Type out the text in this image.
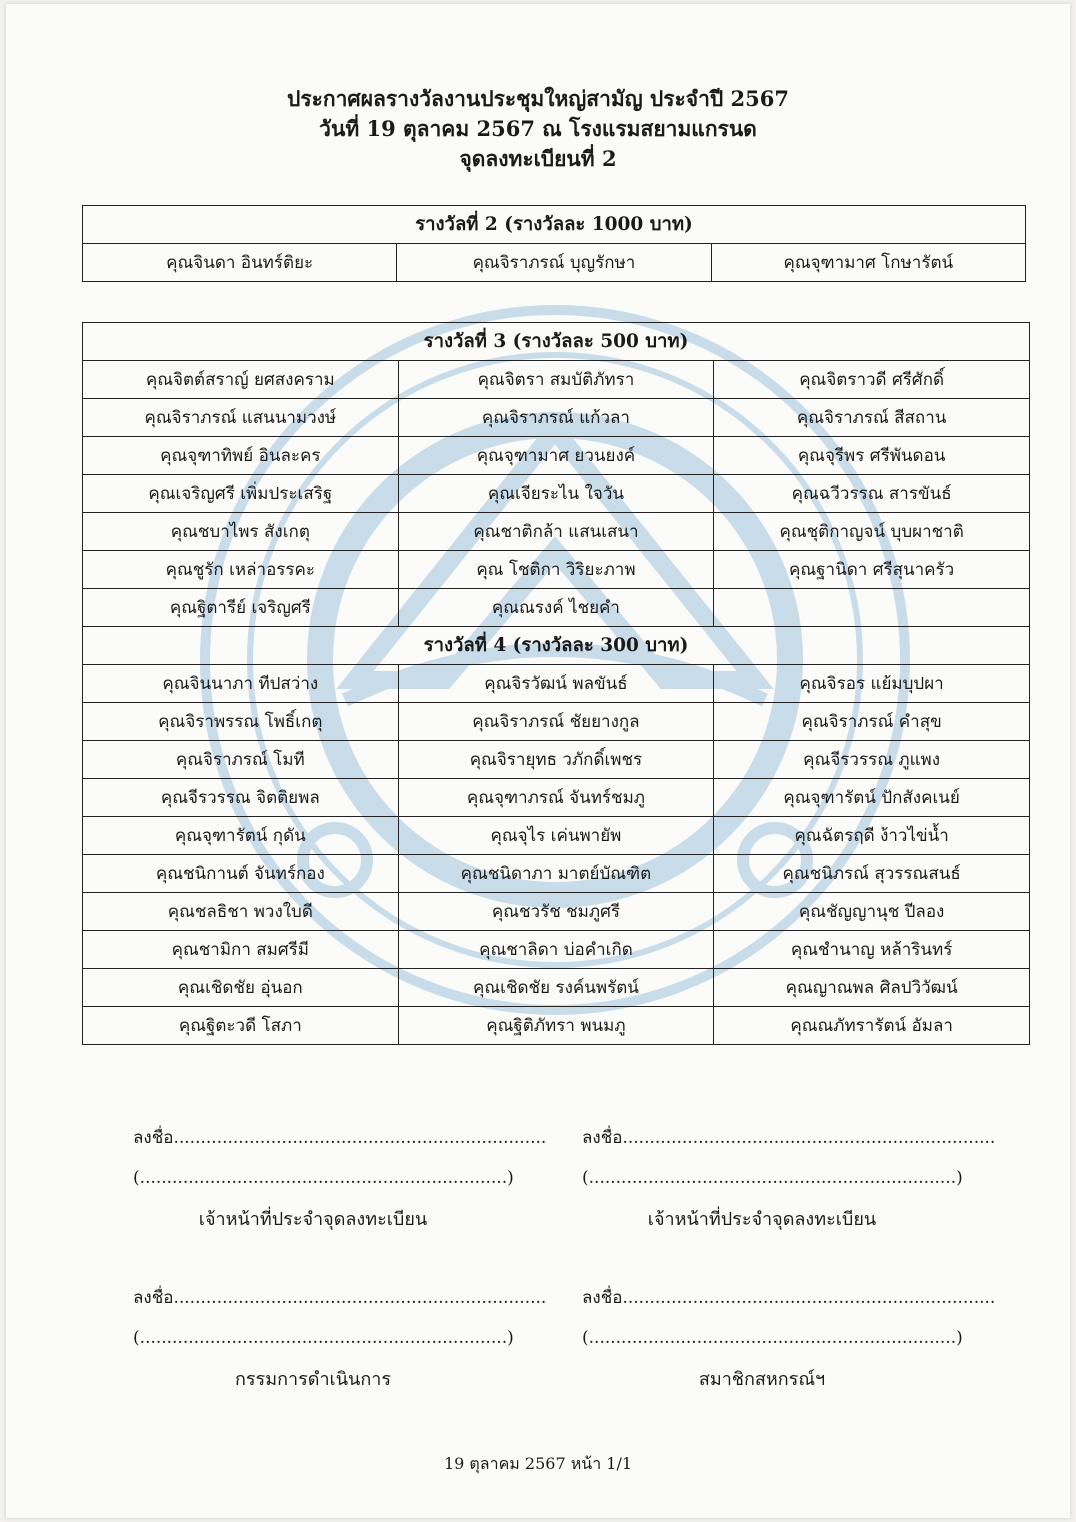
ประกาศผลรางวัลงานประชุมใหญ่สามัญ ประจำปี 2567
วันที่ 19 ตุลาคม 2567 ณ โรงแรมสยามแกรนด
จุดลงทะเบียนที่ 2
รางวัลที่ 2 (รางวัลละ 1000 บาท)
คุณจินดา อินทร์ติยะ	คุณจิราภรณ์ บุญรักษา	คุณจุฑามาศ โกษารัตน์
รางวัลที่ 3 (รางวัลละ 500 บาท)		
คุณจิตต์สราญ์ ยศสงคราม	คุณจิตรา สมบัติภัทรา	คุณจิตราวดี ศรีศักดิ์
คุณจิราภรณ์ แสนนามวงษ์	คุณจิราภรณ์ แก้วลา	คุณจิราภรณ์ สีสถาน
คุณจุฑาทิพย์ อินละคร	คุณจุฑามาศ ยวนยงค์	คุณจุรีพร ศรีพันดอน
คุณเจริญศรี เพิ่มประเสริฐ	คุณเจียระไน ใจวัน	คุณฉวีวรรณ สารขันธ์
คุณชบาไพร สังเกตุ	คุณชาติกล้า แสนเสนา	คุณชุติกาญจน์ บุบผาชาติ
คุณชูรัก เหล่าอรรคะ	คุณ โชติกา วิริยะภาพ	คุณฐานิดา ศรีสุนาครัว
คุณฐิตารีย์ เจริญศรี	คุณณรงค์ ไชยคำ	
รางวัลที่ 4 (รางวัลละ 300 บาท)		
คุณจินนาภา ทีปสว่าง	คุณจิรวัฒน์ พลขันธ์	คุณจิรอร แย้มบุปผา
คุณจิราพรรณ โพธิ์เกตุ	คุณจิราภรณ์ ชัยยางกูล	คุณจิราภรณ์ คำสุข
คุณจิราภรณ์ โมที	คุณจิรายุทธ วภักดิ์เพชร	คุณจีรวรรณ ภูแพง
คุณจีรวรรณ จิตติยพล	คุณจุฑาภรณ์ จันทร์ชมภู	คุณจุฑารัตน์ ปักสังคเนย์
คุณจุฑารัตน์ กุดัน	คุณจุไร เค่นพายัพ	คุณฉัตรฤดี ง้าวไข่น้ำ
คุณชนิกานต์ จันทร์กอง	คุณชนิดาภา มาตย์บัณฑิต	คุณชนิภรณ์ สุวรรณสนธ์
คุณชลธิชา พวงใบดี	คุณชวรัช ชมภูศรี	คุณชัญญานุช ปีลอง
คุณชามิกา สมศรีมี	คุณชาลิดา บ่อคำเกิด	คุณชำนาญ หล้ารินทร์
คุณเชิดชัย อุ่นอก	คุณเชิดชัย รงค์นพรัตน์	คุณญาณพล ศิลปวิวัฒน์
คุณฐิตะวดี โสภา	คุณฐิติภัทรา พนมภู	คุณณภัทรารัตน์ อัมลา
ลงชื่อ.....................................................................
(....................................................................)
เจ้าหน้าที่ประจำจุดลงทะเบียน
ลงชื่อ.....................................................................
(....................................................................)
เจ้าหน้าที่ประจำจุดลงทะเบียน
ลงชื่อ.....................................................................
(....................................................................)
กรรมการดำเนินการ
ลงชื่อ.....................................................................
(....................................................................)
สมาชิกสหกรณ์ฯ
19 ตุลาคม 2567 หน้า 1/1
